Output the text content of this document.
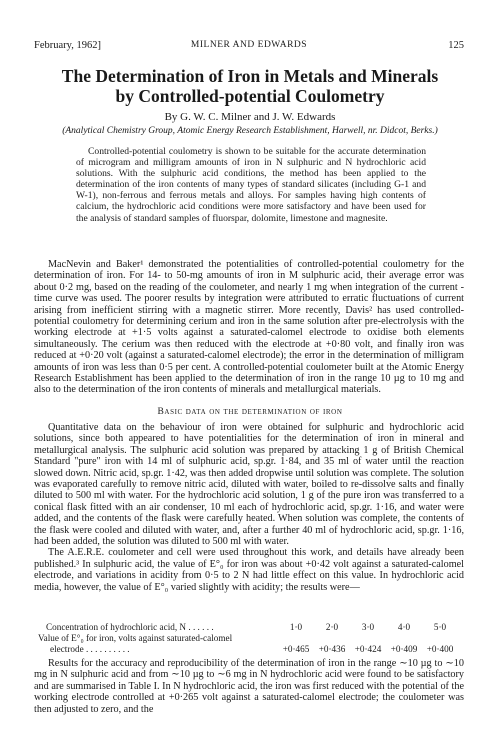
February, 1962]	MILNER AND EDWARDS	125
The Determination of Iron in Metals and Minerals
by Controlled-potential Coulometry
By G. W. C. Milner and J. W. Edwards
(Analytical Chemistry Group, Atomic Energy Research Establishment, Harwell, nr. Didcot, Berks.)
Controlled-potential coulometry is shown to be suitable for the accurate determination of microgram and milligram amounts of iron in N sulphuric and N hydrochloric acid solutions. With the sulphuric acid conditions, the method has been applied to the determination of the iron contents of many types of standard silicates (including G-1 and W-1), non-ferrous and ferrous metals and alloys. For samples having high contents of calcium, the hydrochloric acid conditions were more satisfactory and have been used for the analysis of standard samples of fluorspar, dolomite, limestone and magnesite.
MacNevin and Baker¹ demonstrated the potentialities of controlled-potential coulometry for the determination of iron. For 14- to 50-mg amounts of iron in M sulphuric acid, their average error was about 0·2 mg, based on the reading of the coulometer, and nearly 1 mg when integration of the current - time curve was used. The poorer results by integration were attributed to erratic fluctuations of current arising from inefficient stirring with a magnetic stirrer. More recently, Davis² has used controlled-potential coulometry for determining cerium and iron in the same solution after pre-electrolysis with the working electrode at +1·5 volts against a saturated-calomel electrode to oxidise both elements simultaneously. The cerium was then reduced with the electrode at +0·80 volt, and finally iron was reduced at +0·20 volt (against a saturated-calomel electrode); the error in the determination of milligram amounts of iron was less than 0·5 per cent. A controlled-potential coulometer built at the Atomic Energy Research Establishment has been applied to the determination of iron in the range 10 µg to 10 mg and also to the determination of the iron contents of minerals and metallurgical materials.
Basic data on the determination of iron

Quantitative data on the behaviour of iron were obtained for sulphuric and hydrochloric acid solutions, since both appeared to have potentialities for the determination of iron in mineral and metallurgical analysis. The sulphuric acid solution was prepared by attacking 1 g of British Chemical Standard "pure" iron with 14 ml of sulphuric acid, sp.gr. 1·84, and 35 ml of water until the reaction slowed down. Nitric acid, sp.gr. 1·42, was then added dropwise until solution was complete. The solution was evaporated carefully to remove nitric acid, diluted with water, boiled to re-dissolve salts and finally diluted to 500 ml with water. For the hydrochloric acid solution, 1 g of the pure iron was transferred to a conical flask fitted with an air condenser, 10 ml each of hydrochloric acid, sp.gr. 1·16, and water were added, and the contents of the flask were carefully heated. When solution was complete, the contents of the flask were cooled and diluted with water, and, after a further 40 ml of hydrochloric acid, sp.gr. 1·16, had been added, the solution was diluted to 500 ml with water.

The A.E.R.E. coulometer and cell were used throughout this work, and details have already been published.³ In sulphuric acid, the value of E°₀ for iron was about +0·42 volt against a saturated-calomel electrode, and variations in acidity from 0·5 to 2 N had little effect on this value. In hydrochloric acid media, however, the value of E°₀ varied slightly with acidity; the results were—

Concentration of hydrochloric acid, N . . . . . .	1·0	2·0	3·0	4·0	5·0
Value of E°₀ for iron, volts against saturated-calomel
electrode . . . . . . . . . .	+0·465	+0·436	+0·424	+0·409	+0·400
Results for the accuracy and reproducibility of the determination of iron in the range ∼10 µg to ∼10 mg in N sulphuric acid and from ∼10 µg to ∼6 mg in N hydrochloric acid were found to be satisfactory and are summarised in Table I. In N hydrochloric acid, the iron was first reduced with the potential of the working electrode controlled at +0·265 volt against a saturated-calomel electrode; the coulometer was then adjusted to zero, and the
